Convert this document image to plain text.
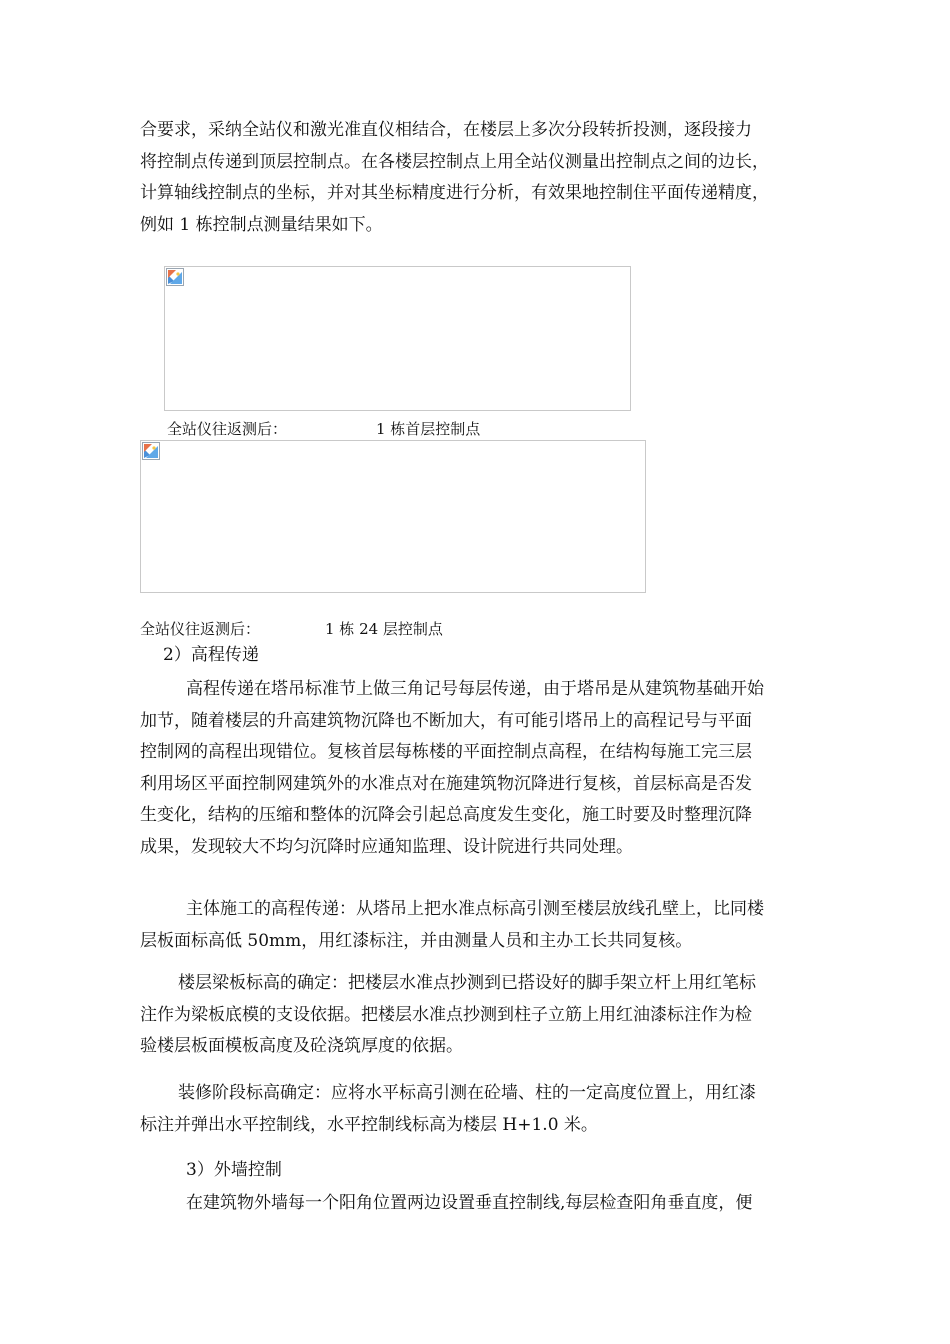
合要求，采纳全站仪和激光准直仪相结合，在楼层上多次分段转折投测，逐段接力
将控制点传递到顶层控制点。在各楼层控制点上用全站仪测量出控制点之间的边长，
计算轴线控制点的坐标，并对其坐标精度进行分析，有效果地控制住平面传递精度，
例如 1 栋控制点测量结果如下。

全站仪往返测后：	1 栋首层控制点

全站仪往返测后：	1 栋 24 层控制点

2）高程传递

高程传递在塔吊标准节上做三角记号每层传递，由于塔吊是从建筑物基础开始
加节，随着楼层的升高建筑物沉降也不断加大，有可能引塔吊上的高程记号与平面
控制网的高程出现错位。复核首层每栋楼的平面控制点高程，在结构每施工完三层
利用场区平面控制网建筑外的水准点对在施建筑物沉降进行复核，首层标高是否发
生变化，结构的压缩和整体的沉降会引起总高度发生变化，施工时要及时整理沉降
成果，发现较大不均匀沉降时应通知监理、设计院进行共同处理。
主体施工的高程传递：从塔吊上把水准点标高引测至楼层放线孔壁上，比同楼
层板面标高低 50mm，用红漆标注，并由测量人员和主办工长共同复核。
楼层梁板标高的确定：把楼层水准点抄测到已搭设好的脚手架立杆上用红笔标
注作为梁板底模的支设依据。把楼层水准点抄测到柱子立筋上用红油漆标注作为检
验楼层板面模板高度及砼浇筑厚度的依据。
装修阶段标高确定：应将水平标高引测在砼墙、柱的一定高度位置上，用红漆
标注并弹出水平控制线，水平控制线标高为楼层 H+1.0 米。

3）外墙控制

在建筑物外墙每一个阳角位置两边设置垂直控制线,每层检查阳角垂直度，便
